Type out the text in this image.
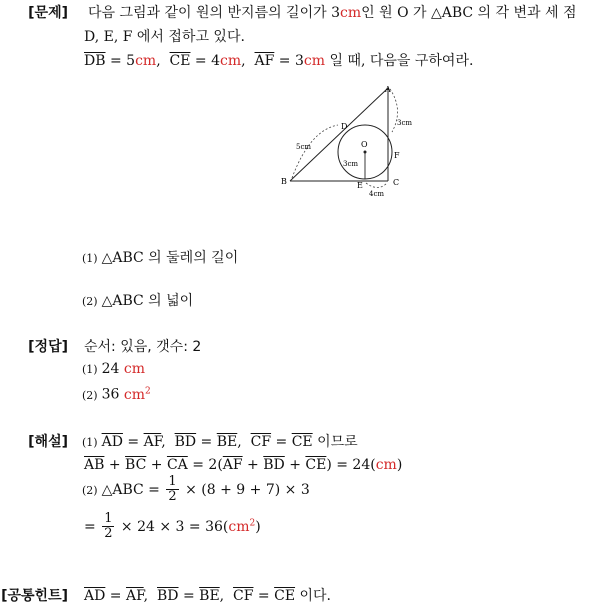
[문제] 다음 그림과 같이 원의 반지름의 길이가 3cm인 원 O 가 △ABC 의 각 변과 세 점
D, E, F 에서 접하고 있다.
$\overline{DB} = 5cm$,  $\overline{CE} = 4cm$,  $\overline{AF} = 3cm$ 일 때, 다음을 구하여라.
A
B	C
D
E
F
O
5cm
3cm
3cm
4cm
(1) △ABC 의 둘레의 길이
(2) △ABC 의 넓이
[정답] 순서: 있음, 갯수: 2
(1) 24 cm
(2) 36 $cm^2$
[해설] (1) $\overline{AD} = \overline{AF}$,  $\overline{BD} = \overline{BE}$,  $\overline{CF} = \overline{CE}$ 이므로
$\overline{AB} + \overline{BC} + \overline{CA} = 2(\overline{AF} + \overline{BD} + \overline{CE}) = 24(cm)$
(2) △ABC = $\frac{1}{2} \times (8 + 9 + 7) \times 3$
= $\frac{1}{2} \times 24 \times 3 = 36(cm^2)$
[공통힌트] $\overline{AD} = \overline{AF}$,  $\overline{BD} = \overline{BE}$,  $\overline{CF} = \overline{CE}$ 이다.
